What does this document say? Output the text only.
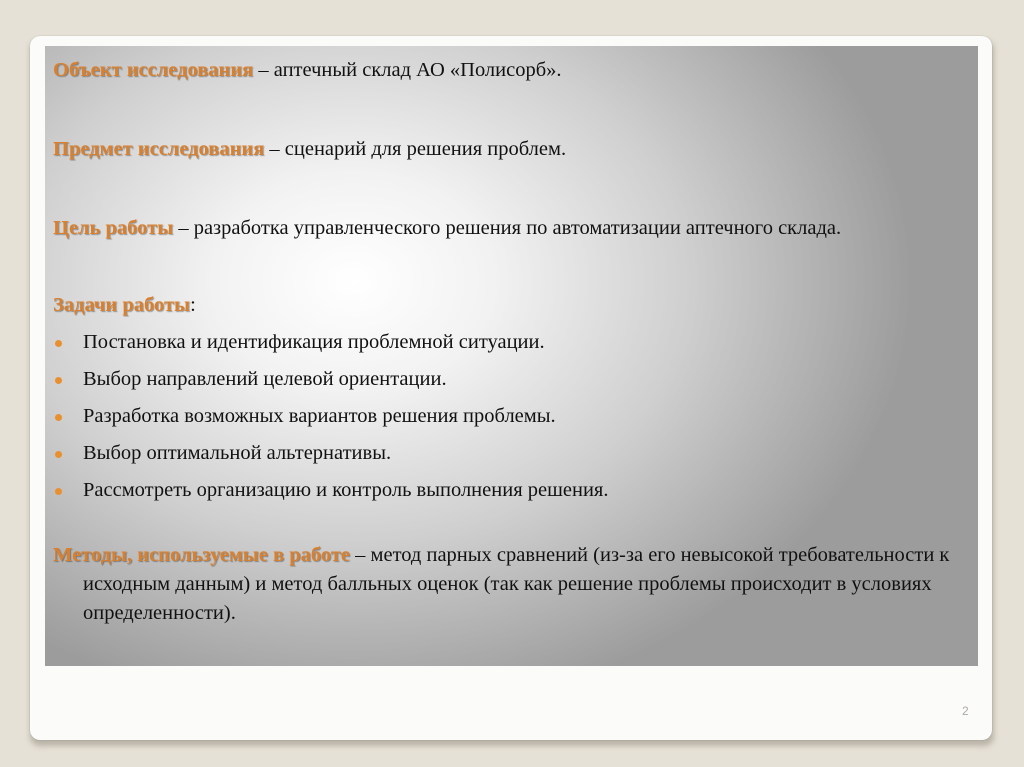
Объект исследования – аптечный склад АО «Полисорб».

Предмет исследования – сценарий для решения проблем.

Цель работы – разработка управленческого решения по автоматизации аптечного склада.

Задачи работы:

Постановка и идентификация проблемной ситуации.
Выбор направлений целевой ориентации.
Разработка возможных вариантов решения проблемы.
Выбор оптимальной альтернативы.
Рассмотреть организацию и контроль выполнения решения.

Методы, используемые в работе – метод парных сравнений (из-за его невысокой требовательности к исходным данным) и метод балльных оценок (так как решение проблемы происходит в условиях определенности).

2
